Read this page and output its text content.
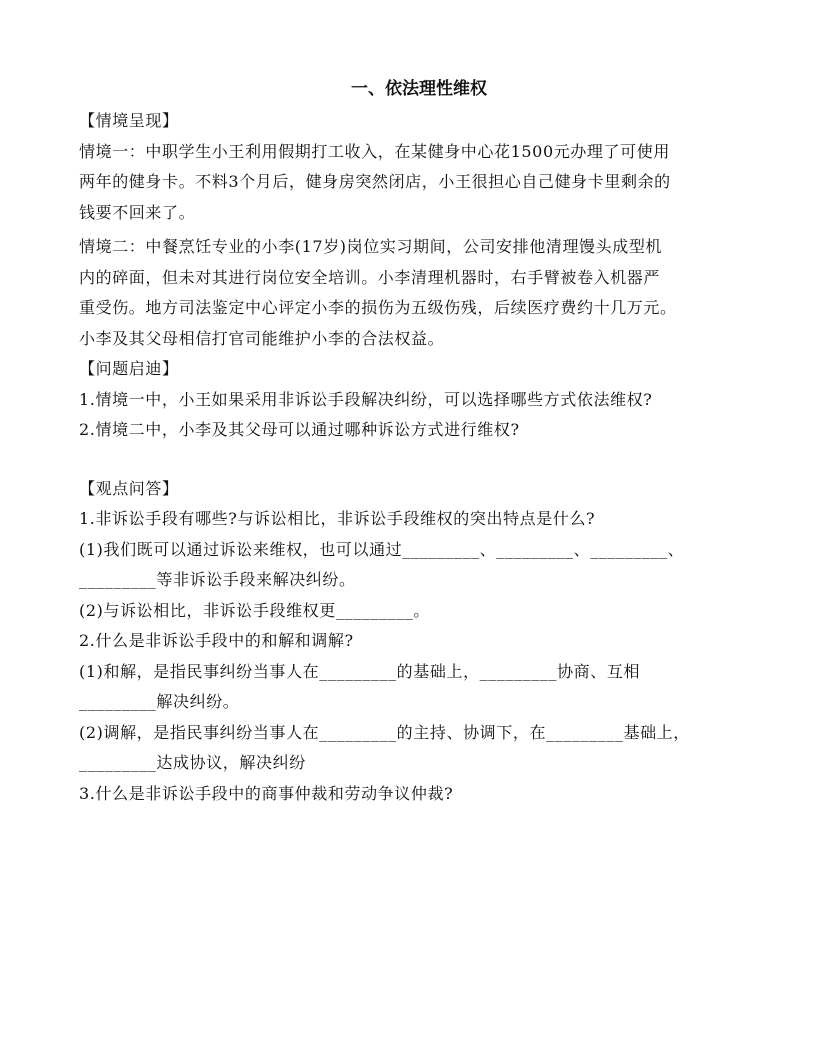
一、依法理性维权
【情境呈现】
情境一：中职学生小王利用假期打工收入，在某健身中心花1500元办理了可使用
两年的健身卡。不料3个月后，健身房突然闭店，小王很担心自己健身卡里剩余的
钱要不回来了。
情境二：中餐烹饪专业的小李(17岁)岗位实习期间，公司安排他清理馒头成型机
内的碎面，但未对其进行岗位安全培训。小李清理机器时，右手臂被卷入机器严
重受伤。地方司法鉴定中心评定小李的损伤为五级伤残，后续医疗费约十几万元。
小李及其父母相信打官司能维护小李的合法权益。
【问题启迪】
1.情境一中，小王如果采用非诉讼手段解决纠纷，可以选择哪些方式依法维权?
2.情境二中，小李及其父母可以通过哪种诉讼方式进行维权?
【观点问答】
1.非诉讼手段有哪些?与诉讼相比，非诉讼手段维权的突出特点是什么?
(1)我们既可以通过诉讼来维权，也可以通过_________、_________、_________、
_________等非诉讼手段来解决纠纷。
(2)与诉讼相比，非诉讼手段维权更_________。
2.什么是非诉讼手段中的和解和调解?
(1)和解，是指民事纠纷当事人在_________的基础上，_________协商、互相
_________解决纠纷。
(2)调解，是指民事纠纷当事人在_________的主持、协调下，在_________基础上，
_________达成协议，解决纠纷
3.什么是非诉讼手段中的商事仲裁和劳动争议仲裁?
